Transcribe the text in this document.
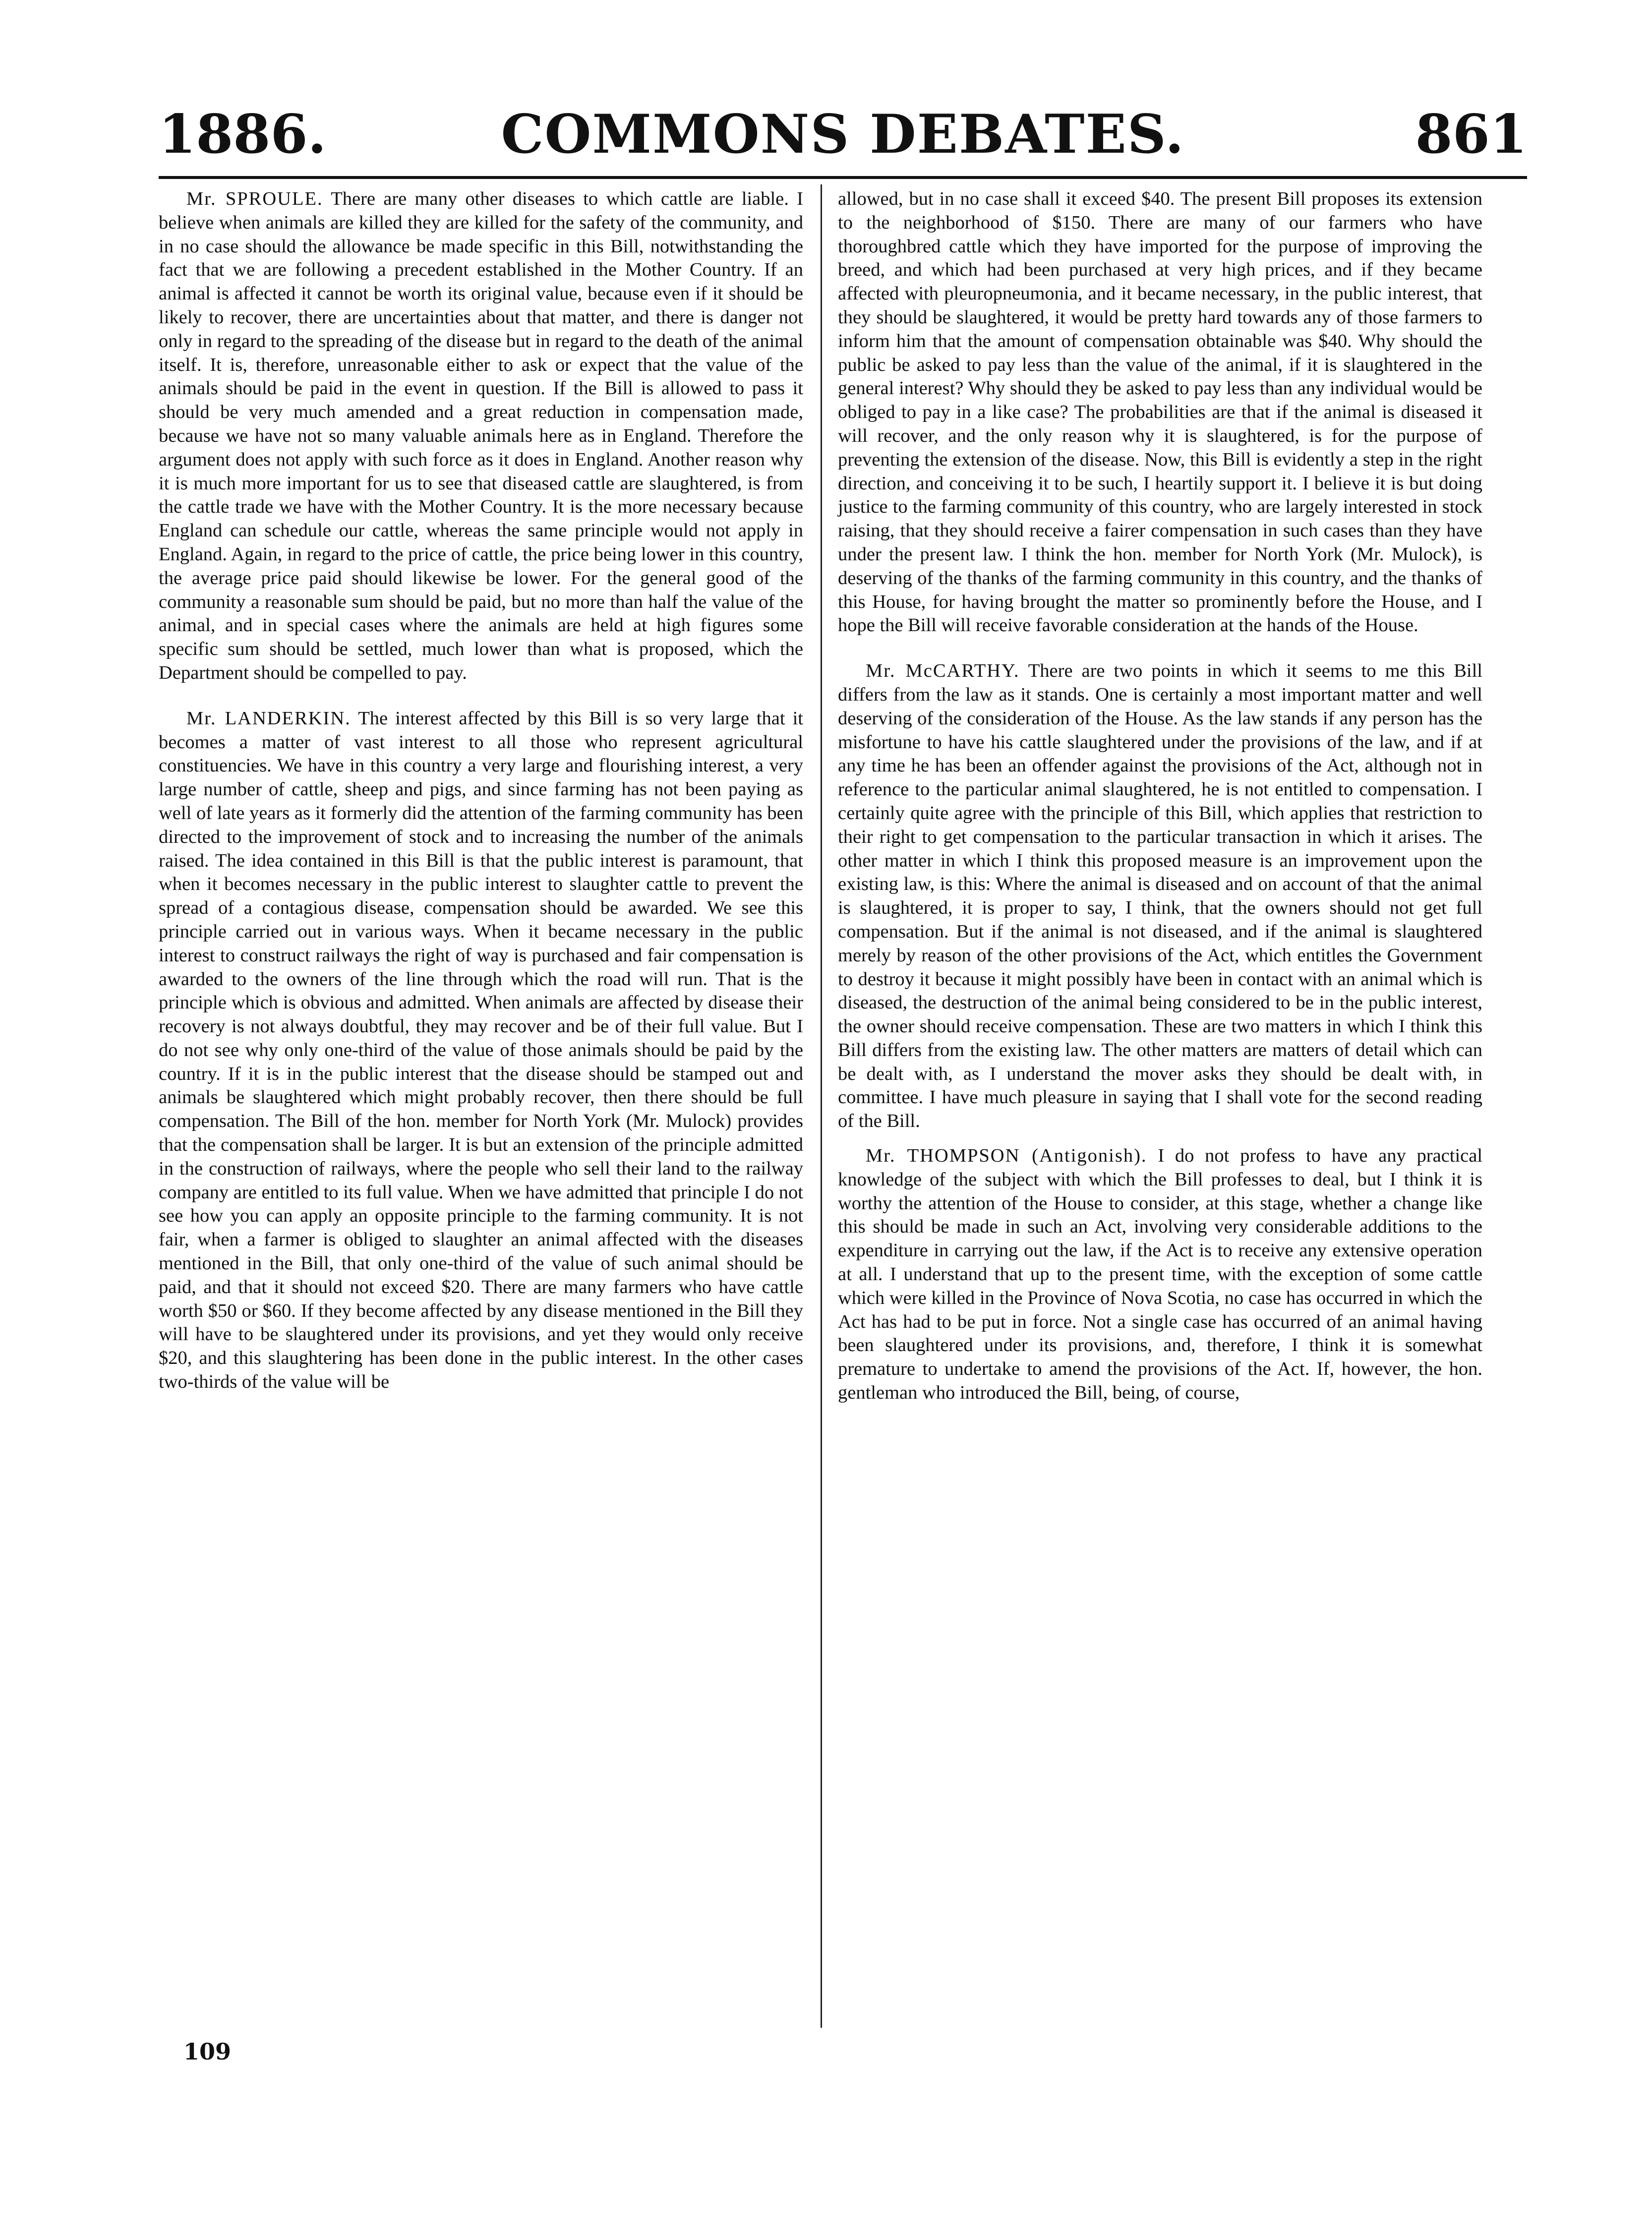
1886.	COMMONS DEBATES.	861

Mr. SPROULE. There are many other diseases to which cattle are liable. I believe when animals are killed they are killed for the safety of the community, and in no case should the allowance be made specific in this Bill, notwithstanding the fact that we are following a precedent established in the Mother Country. If an animal is affected it cannot be worth its original value, because even if it should be likely to recover, there are uncertainties about that matter, and there is danger not only in regard to the spreading of the disease but in regard to the death of the animal itself. It is, therefore, unreasonable either to ask or expect that the value of the animals should be paid in the event in question. If the Bill is allowed to pass it should be very much amended and a great reduction in compensation made, because we have not so many valuable animals here as in England. Therefore the argument does not apply with such force as it does in England. Another reason why it is much more important for us to see that diseased cattle are slaughtered, is from the cattle trade we have with the Mother Country. It is the more necessary because England can schedule our cattle, whereas the same principle would not apply in England. Again, in regard to the price of cattle, the price being lower in this country, the average price paid should likewise be lower. For the general good of the community a reasonable sum should be paid, but no more than half the value of the animal, and in special cases where the animals are held at high figures some specific sum should be settled, much lower than what is proposed, which the Department should be compelled to pay.

Mr. LANDERKIN. The interest affected by this Bill is so very large that it becomes a matter of vast interest to all those who represent agricultural constituencies. We have in this country a very large and flourishing interest, a very large number of cattle, sheep and pigs, and since farming has not been paying as well of late years as it formerly did the attention of the farming community has been directed to the improvement of stock and to increasing the number of the animals raised. The idea contained in this Bill is that the public interest is paramount, that when it becomes necessary in the public interest to slaughter cattle to prevent the spread of a contagious disease, compensation should be awarded. We see this principle carried out in various ways. When it became necessary in the public interest to construct railways the right of way is purchased and fair compensation is awarded to the owners of the line through which the road will run. That is the principle which is obvious and admitted. When animals are affected by disease their recovery is not always doubtful, they may recover and be of their full value. But I do not see why only one-third of the value of those animals should be paid by the country. If it is in the public interest that the disease should be stamped out and animals be slaughtered which might probably recover, then there should be full compensation. The Bill of the hon. member for North York (Mr. Mulock) provides that the compensation shall be larger. It is but an extension of the principle admitted in the construction of railways, where the people who sell their land to the railway company are entitled to its full value. When we have admitted that principle I do not see how you can apply an opposite principle to the farming community. It is not fair, when a farmer is obliged to slaughter an animal affected with the diseases mentioned in the Bill, that only one-third of the value of such animal should be paid, and that it should not exceed $20. There are many farmers who have cattle worth $50 or $60. If they become affected by any disease mentioned in the Bill they will have to be slaughtered under its provisions, and yet they would only receive $20, and this slaughtering has been done in the public interest. In the other cases two-thirds of the value will be

allowed, but in no case shall it exceed $40. The present Bill proposes its extension to the neighborhood of $150. There are many of our farmers who have thoroughbred cattle which they have imported for the purpose of improving the breed, and which had been purchased at very high prices, and if they became affected with pleuropneumonia, and it became necessary, in the public interest, that they should be slaughtered, it would be pretty hard towards any of those farmers to inform him that the amount of compensation obtainable was $40. Why should the public be asked to pay less than the value of the animal, if it is slaughtered in the general interest? Why should they be asked to pay less than any individual would be obliged to pay in a like case? The probabilities are that if the animal is diseased it will recover, and the only reason why it is slaughtered, is for the purpose of preventing the extension of the disease. Now, this Bill is evidently a step in the right direction, and conceiving it to be such, I heartily support it. I believe it is but doing justice to the farming community of this country, who are largely interested in stock raising, that they should receive a fairer compensation in such cases than they have under the present law. I think the hon. member for North York (Mr. Mulock), is deserving of the thanks of the farming community in this country, and the thanks of this House, for having brought the matter so prominently before the House, and I hope the Bill will receive favorable consideration at the hands of the House.

Mr. McCARTHY. There are two points in which it seems to me this Bill differs from the law as it stands. One is certainly a most important matter and well deserving of the consideration of the House. As the law stands if any person has the misfortune to have his cattle slaughtered under the provisions of the law, and if at any time he has been an offender against the provisions of the Act, although not in reference to the particular animal slaughtered, he is not entitled to compensation. I certainly quite agree with the principle of this Bill, which applies that restriction to their right to get compensation to the particular transaction in which it arises. The other matter in which I think this proposed measure is an improvement upon the existing law, is this: Where the animal is diseased and on account of that the animal is slaughtered, it is proper to say, I think, that the owners should not get full compensation. But if the animal is not diseased, and if the animal is slaughtered merely by reason of the other provisions of the Act, which entitles the Government to destroy it because it might possibly have been in contact with an animal which is diseased, the destruction of the animal being considered to be in the public interest, the owner should receive compensation. These are two matters in which I think this Bill differs from the existing law. The other matters are matters of detail which can be dealt with, as I understand the mover asks they should be dealt with, in committee. I have much pleasure in saying that I shall vote for the second reading of the Bill.

Mr. THOMPSON (Antigonish). I do not profess to have any practical knowledge of the subject with which the Bill professes to deal, but I think it is worthy the attention of the House to consider, at this stage, whether a change like this should be made in such an Act, involving very considerable additions to the expenditure in carrying out the law, if the Act is to receive any extensive operation at all. I understand that up to the present time, with the exception of some cattle which were killed in the Province of Nova Scotia, no case has occurred in which the Act has had to be put in force. Not a single case has occurred of an animal having been slaughtered under its provisions, and, therefore, I think it is somewhat premature to undertake to amend the provisions of the Act. If, however, the hon. gentleman who introduced the Bill, being, of course,

109
